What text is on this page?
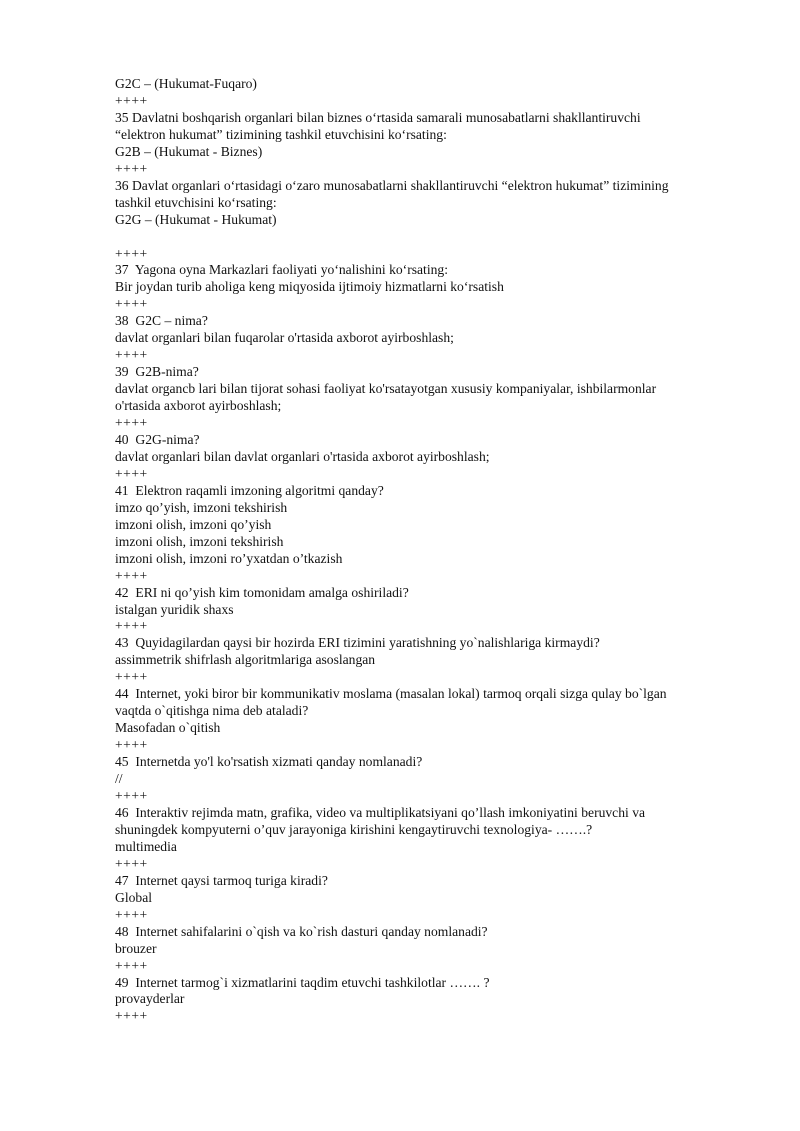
G2C – (Hukumat-Fuqaro)

++++

35 Davlatni boshqarish organlari bilan biznes oʻrtasida samarali munosabatlarni shakllantiruvchi

“elektron hukumat” tizimining tashkil etuvchisini koʻrsating:

G2B – (Hukumat - Biznes)

++++

36 Davlat organlari oʻrtasidagi oʻzaro munosabatlarni shakllantiruvchi “elektron hukumat” tizimining

tashkil etuvchisini koʻrsating:

G2G – (Hukumat - Hukumat)

++++

37  Yagona oyna Markazlari faoliyati yoʻnalishini koʻrsating:

Bir joydan turib aholiga keng miqyosida ijtimoiy hizmatlarni koʻrsatish

++++

38  G2C – nima?

davlat organlari bilan fuqarolar o'rtasida axborot ayirboshlash;

++++

39  G2B-nima?

davlat organcb lari bilan tijorat sohasi faoliyat ko'rsatayotgan xususiy kompaniyalar, ishbilarmonlar

o'rtasida axborot ayirboshlash;

++++

40  G2G-nima?

davlat organlari bilan davlat organlari o'rtasida axborot ayirboshlash;

++++

41  Elektron raqamli imzoning algoritmi qanday?

imzo qo’yish, imzoni tekshirish

imzoni olish, imzoni qo’yish

imzoni olish, imzoni tekshirish

imzoni olish, imzoni ro’yxatdan o’tkazish

++++

42  ERI ni qo’yish kim tomonidam amalga oshiriladi?

istalgan yuridik shaxs

++++

43  Quyidagilardan qaysi bir hozirda ERI tizimini yaratishning yo`nalishlariga kirmaydi?

assimmetrik shifrlash algoritmlariga asoslangan

++++

44  Internet, yoki biror bir kommunikativ moslama (masalan lokal) tarmoq orqali sizga qulay bo`lgan

vaqtda o`qitishga nima deb ataladi?

Masofadan o`qitish

++++

45  Internetda yo'l ko'rsatish xizmati qanday nomlanadi?

//

++++

46  Interaktiv rejimda matn, grafika, video va multiplikatsiyani qo’llash imkoniyatini beruvchi va

shuningdek kompyuterni o’quv jarayoniga kirishini kengaytiruvchi texnologiya- …….?

multimedia

++++

47  Internet qaysi tarmoq turiga kiradi?

Global

++++

48  Internet sahifalarini o`qish va ko`rish dasturi qanday nomlanadi?

brouzer

++++

49  Internet tarmog`i xizmatlarini taqdim etuvchi tashkilotlar ……. ?

provayderlar

++++
